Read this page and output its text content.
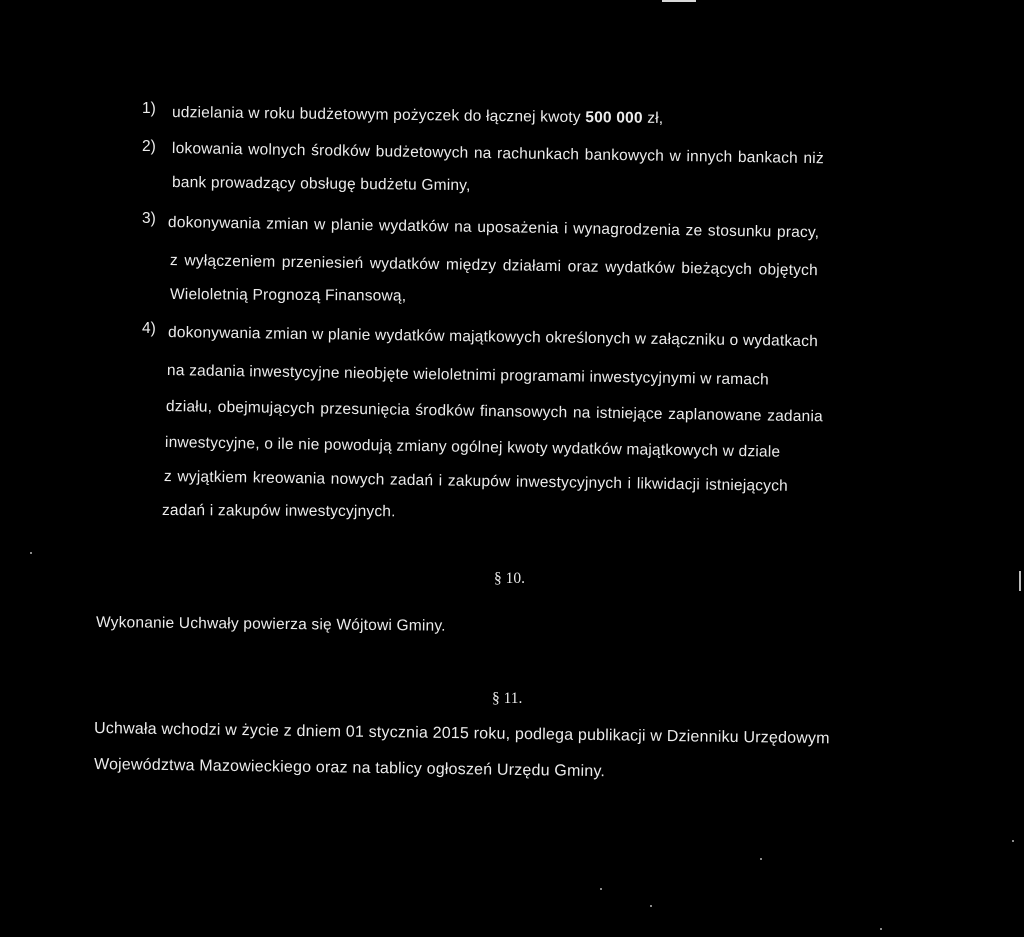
1) udzielania w roku budżetowym pożyczek do łącznej kwoty 500 000 zł,
2) lokowania wolnych środków budżetowych na rachunkach bankowych w innych bankach niż
bank prowadzący obsługę budżetu Gminy,
3) dokonywania zmian w planie wydatków na uposażenia i wynagrodzenia ze stosunku pracy,
z wyłączeniem przeniesień wydatków między działami oraz wydatków bieżących objętych
Wieloletnią Prognozą Finansową,
4) dokonywania zmian w planie wydatków majątkowych określonych w załączniku o wydatkach
na zadania inwestycyjne nieobjęte wieloletnimi programami inwestycyjnymi w ramach
działu, obejmujących przesunięcia środków finansowych na istniejące zaplanowane zadania
inwestycyjne, o ile nie powodują zmiany ogólnej kwoty wydatków majątkowych w dziale
z wyjątkiem kreowania nowych zadań i zakupów inwestycyjnych i likwidacji istniejących
zadań i zakupów inwestycyjnych.
§ 10.
Wykonanie Uchwały powierza się Wójtowi Gminy.
§ 11.
Uchwała wchodzi w życie z dniem 01 stycznia 2015 roku, podlega publikacji w Dzienniku Urzędowym
Województwa Mazowieckiego oraz na tablicy ogłoszeń Urzędu Gminy.
